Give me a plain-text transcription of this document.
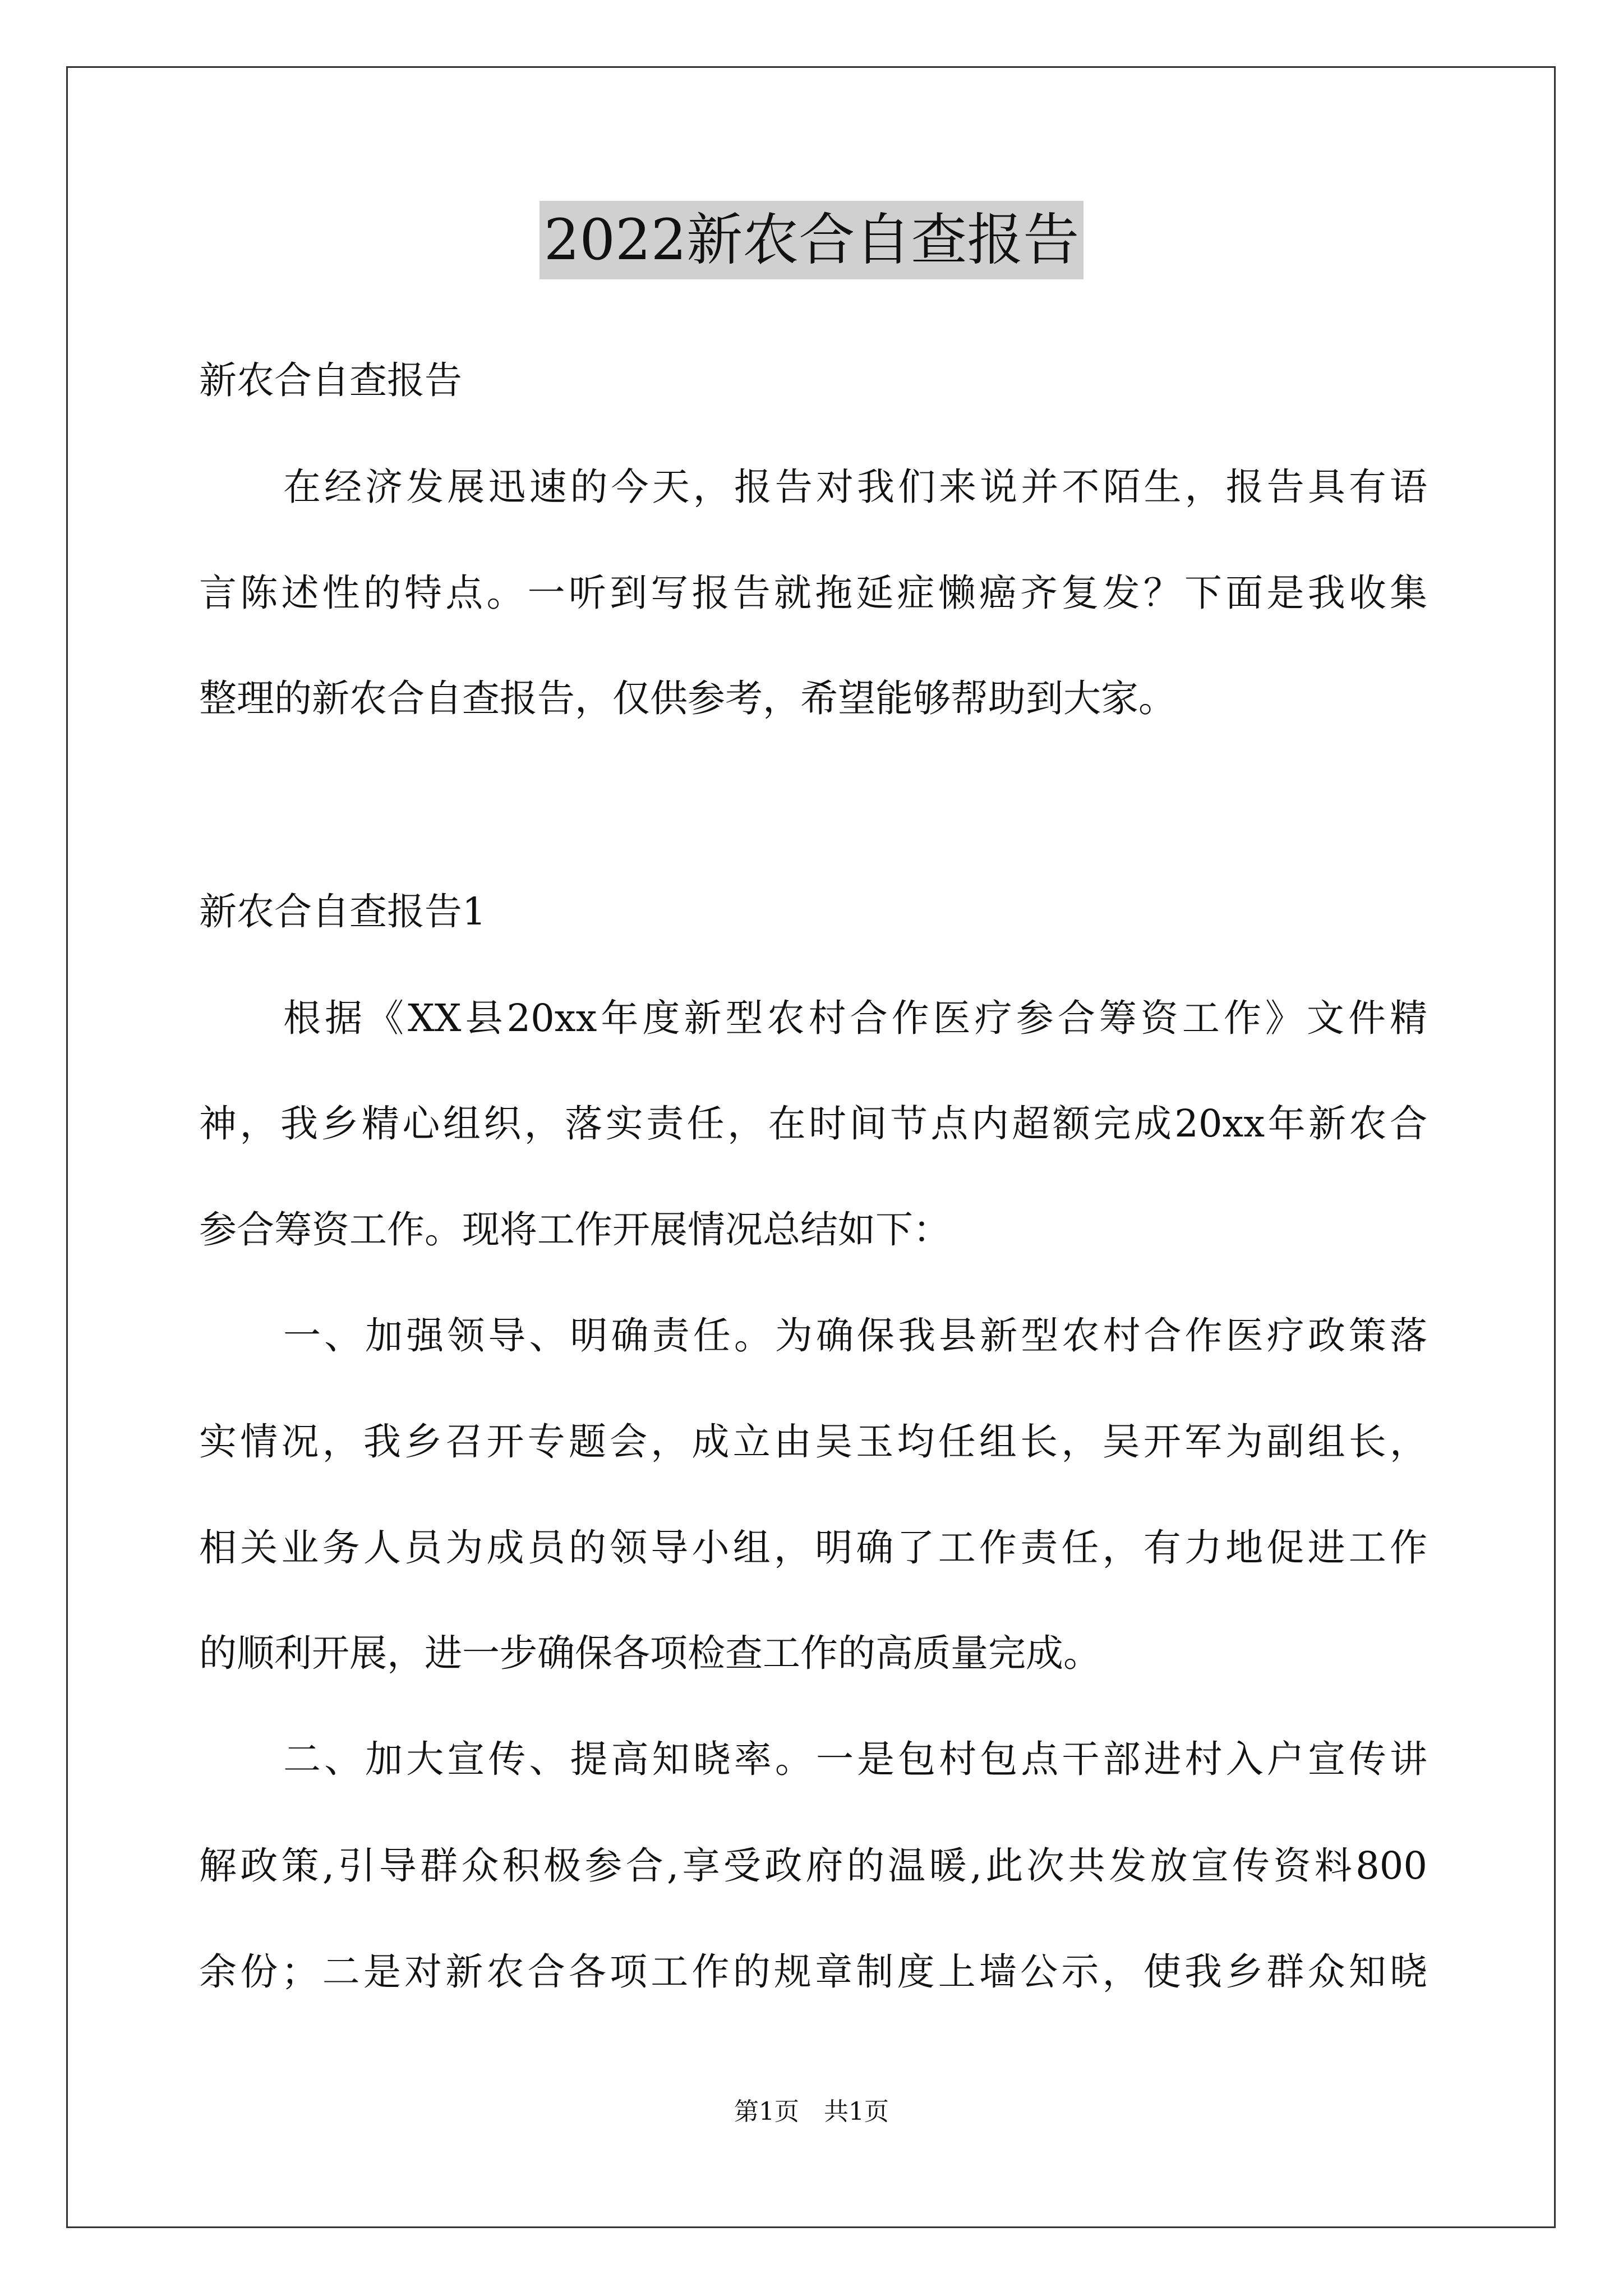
2022新农合自查报告
新农合自查报告
在经济发展迅速的今天，报告对我们来说并不陌生，报告具有语
言陈述性的特点。一听到写报告就拖延症懒癌齐复发？下面是我收集
整理的新农合自查报告，仅供参考，希望能够帮助到大家。
新农合自查报告1
根据《XX县20xx年度新型农村合作医疗参合筹资工作》文件精
神，我乡精心组织，落实责任，在时间节点内超额完成20xx年新农合
参合筹资工作。现将工作开展情况总结如下：
一、加强领导、明确责任。为确保我县新型农村合作医疗政策落
实情况，我乡召开专题会，成立由吴玉均任组长，吴开军为副组长，
相关业务人员为成员的领导小组，明确了工作责任，有力地促进工作
的顺利开展，进一步确保各项检查工作的高质量完成。
二、加大宣传、提高知晓率。一是包村包点干部进村入户宣传讲
解政策,引导群众积极参合,享受政府的温暖,此次共发放宣传资料800
余份；二是对新农合各项工作的规章制度上墙公示，使我乡群众知晓
第1页　共1页
